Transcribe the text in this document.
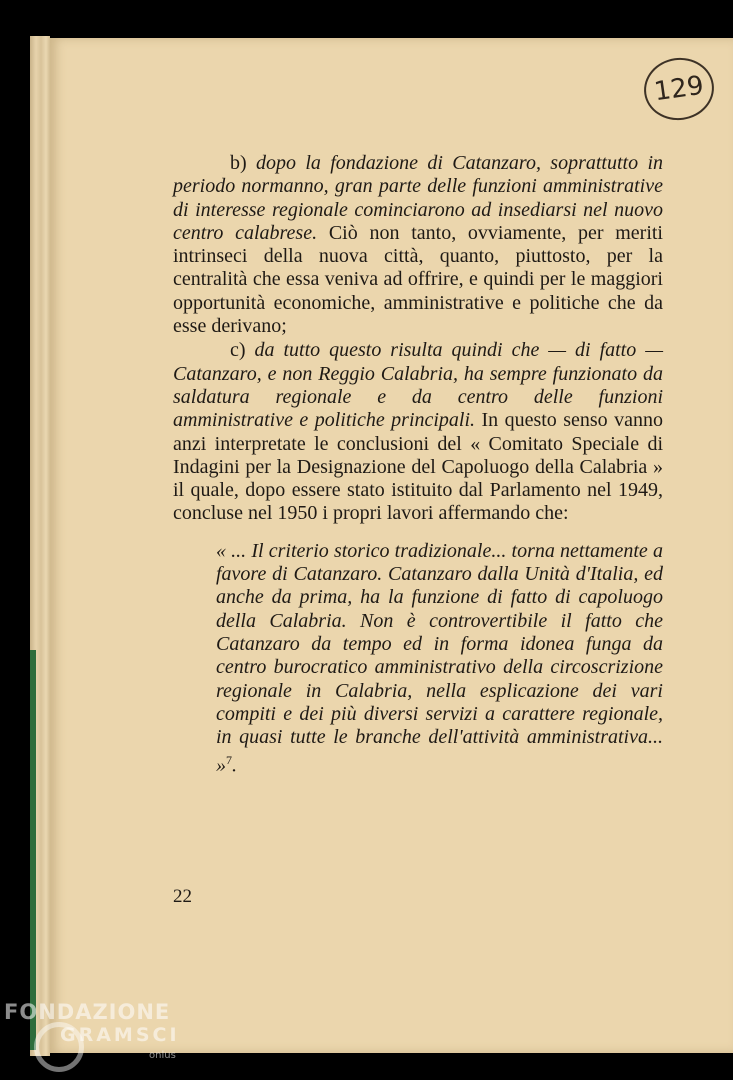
129

b) dopo la fondazione di Catanzaro, soprattutto in periodo normanno, gran parte delle funzioni amministrative di interesse regionale cominciarono ad insediarsi nel nuovo centro calabrese. Ciò non tanto, ovviamente, per meriti intrinseci della nuova città, quanto, piuttosto, per la centralità che essa veniva ad offrire, e quindi per le maggiori opportunità economiche, amministrative e politiche che da esse derivano;

c) da tutto questo risulta quindi che — di fatto — Catanzaro, e non Reggio Calabria, ha sempre funzionato da saldatura regionale e da centro delle funzioni amministrative e politiche principali. In questo senso vanno anzi interpretate le conclusioni del « Comitato Speciale di Indagini per la Designazione del Capoluogo della Calabria » il quale, dopo essere stato istituito dal Parlamento nel 1949, concluse nel 1950 i propri lavori affermando che:

« ... Il criterio storico tradizionale... torna nettamente a favore di Catanzaro. Catanzaro dalla Unità d'Italia, ed anche da prima, ha la funzione di fatto di capoluogo della Calabria. Non è controvertibile il fatto che Catanzaro da tempo ed in forma idonea funga da centro burocratico amministrativo della circoscrizione regionale in Calabria, nella esplicazione dei vari compiti e dei più diversi servizi a carattere regionale, in quasi tutte le branche dell'attività amministrativa... »$^7$.

22
FONDAZIONE
GRAMSCI
onlus
